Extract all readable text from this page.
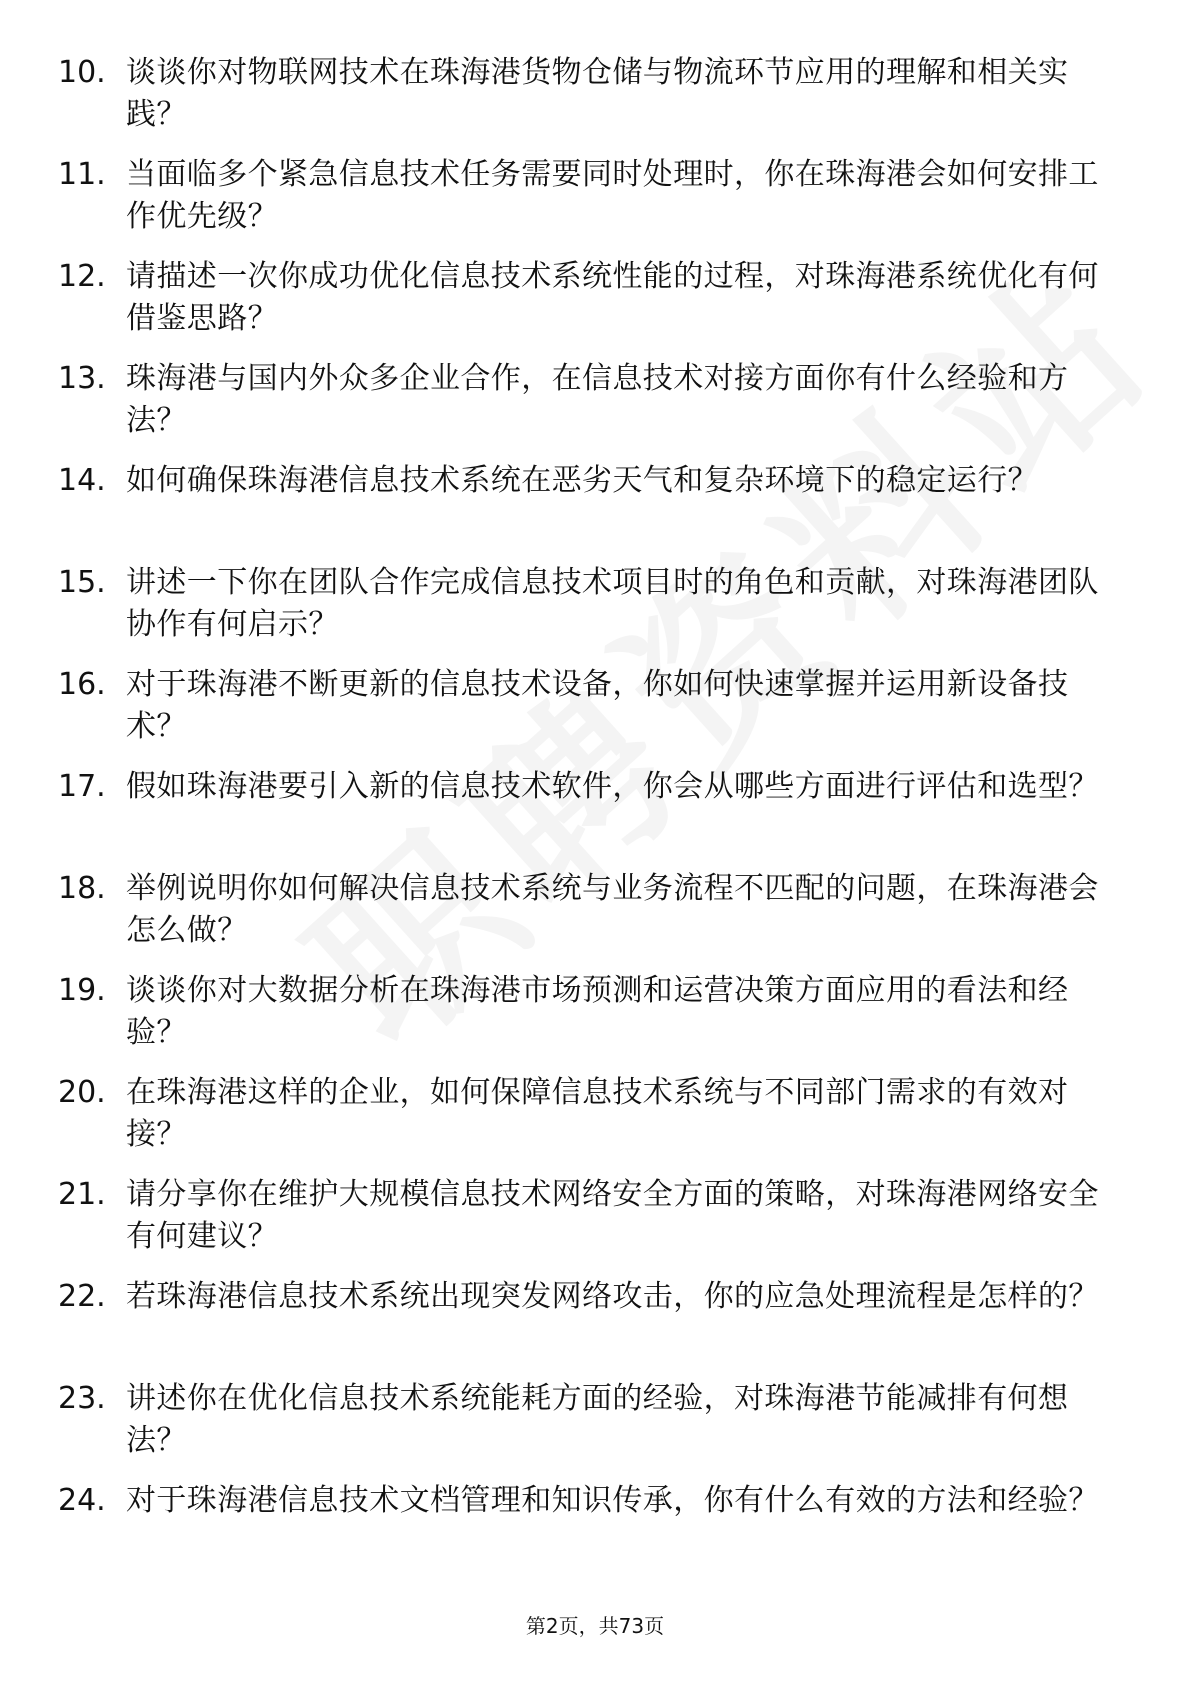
10. 谈谈你对物联网技术在珠海港货物仓储与物流环节应用的理解和相关实践？
11. 当面临多个紧急信息技术任务需要同时处理时，你在珠海港会如何安排工作优先级？
12. 请描述一次你成功优化信息技术系统性能的过程，对珠海港系统优化有何借鉴思路？
13. 珠海港与国内外众多企业合作，在信息技术对接方面你有什么经验和方法？
14. 如何确保珠海港信息技术系统在恶劣天气和复杂环境下的稳定运行？
15. 讲述一下你在团队合作完成信息技术项目时的角色和贡献，对珠海港团队协作有何启示？
16. 对于珠海港不断更新的信息技术设备，你如何快速掌握并运用新设备技术？
17. 假如珠海港要引入新的信息技术软件，你会从哪些方面进行评估和选型？
18. 举例说明你如何解决信息技术系统与业务流程不匹配的问题，在珠海港会怎么做？
19. 谈谈你对大数据分析在珠海港市场预测和运营决策方面应用的看法和经验？
20. 在珠海港这样的企业，如何保障信息技术系统与不同部门需求的有效对接？
21. 请分享你在维护大规模信息技术网络安全方面的策略，对珠海港网络安全有何建议？
22. 若珠海港信息技术系统出现突发网络攻击，你的应急处理流程是怎样的？
23. 讲述你在优化信息技术系统能耗方面的经验，对珠海港节能减排有何想法？
24. 对于珠海港信息技术文档管理和知识传承，你有什么有效的方法和经验？
第2页，共73页
